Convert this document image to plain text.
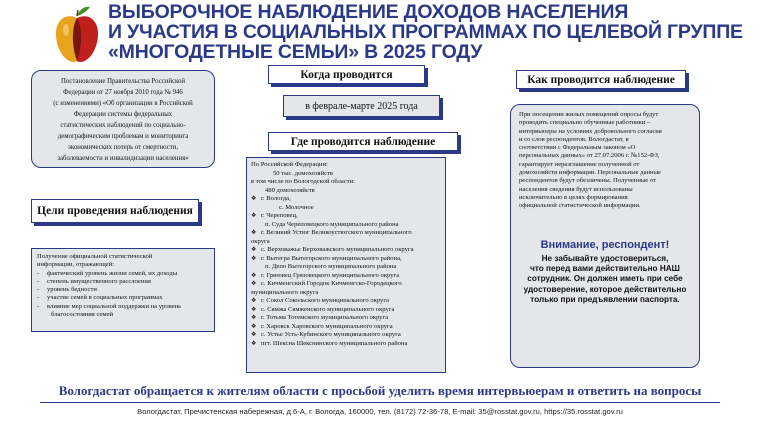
ВЫБОРОЧНОЕ НАБЛЮДЕНИЕ ДОХОДОВ НАСЕЛЕНИЯ
И УЧАСТИЯ В СОЦИАЛЬНЫХ ПРОГРАММАХ ПО ЦЕЛЕВОЙ ГРУППЕ
«МНОГОДЕТНЫЕ СЕМЬИ» В 2025 ГОДУ
Постановление Правительства Российской
Федерации от 27 ноября 2010 года № 946
(с изменениями) «Об организации в Российской
Федерации системы федеральных
статистических наблюдений по социально-
демографическим проблемам и мониторинга
экономических потерь от смертности,
заболеваемости и инвалидизации населения»
Цели проведения наблюдения
Получение официальной статистической
информации, отражающей:
- фактический уровень жизни семей, их доходы
- степень имущественного расслоения
- уровень бедности
- участие семей в социальных программах
- влияние мер социальной поддержки на уровень
благосостояния семей
Когда проводится
в феврале-марте 2025 года
Где проводится наблюдение
По Российской Федерации:
50 тыс. домохозяйств
в том числе по Вологодской области:
480 домохозяйств
❖ г. Вологда,
с. Молочное
❖ г. Череповец,
п. Суда Череповецкого муниципального района
❖ г. Великий Устюг Великоустюгского муниципального
округа
❖ с. Верховажье Верховажского муниципального округа
❖ г. Вытегра Вытегорского муниципального района,
п. Депо Вытегорского муниципального района
❖ г. Грязовец Грязовецкого муниципального округа
❖ с. Кичменгский Городок Кичменгско-Городецкого
муниципального округа
❖ г. Сокол Сокольского муниципального округа
❖ с. Сямжа Сямженского муниципального округа
❖ г. Тотьма Тотемского муниципального округа
❖ г. Харовск Харовского муниципального округа
❖ с. Устье Усть-Кубинского муниципального округа
❖ пгт. Шексна Шекснинского муниципального района
Как проводится наблюдение
При посещении жилых помещений опросы будут
проводить специально обученные работники –
интервьюеры на условиях добровольного согласия
и со слов респондентов. Вологдастат, в
соответствии с Федеральным законом «О
персональных данных» от 27.07.2006 г. №152-ФЗ,
гарантирует неразглашение полученной от
домохозяйств информации. Персональные данные
респондентов будут обезличены. Полученные от
населения сведения будут использованы
исключительно в целях формирования
официальной статистической информации.
Внимание, респондент!
Не забывайте удостовериться,
что перед вами действительно НАШ
сотрудник. Он должен иметь при себе
удостоверение, которое действительно
только при предъявлении паспорта.
Вологдастат обращается к жителям области с просьбой уделить время интервьюерам и ответить на вопросы
Вологдастат, Пречистенская набережная, д.6-А, г. Вологда, 160000, тел. (8172) 72-36-78, E-mail: 35@rosstat.gov.ru, https://35.rosstat.gov.ru
